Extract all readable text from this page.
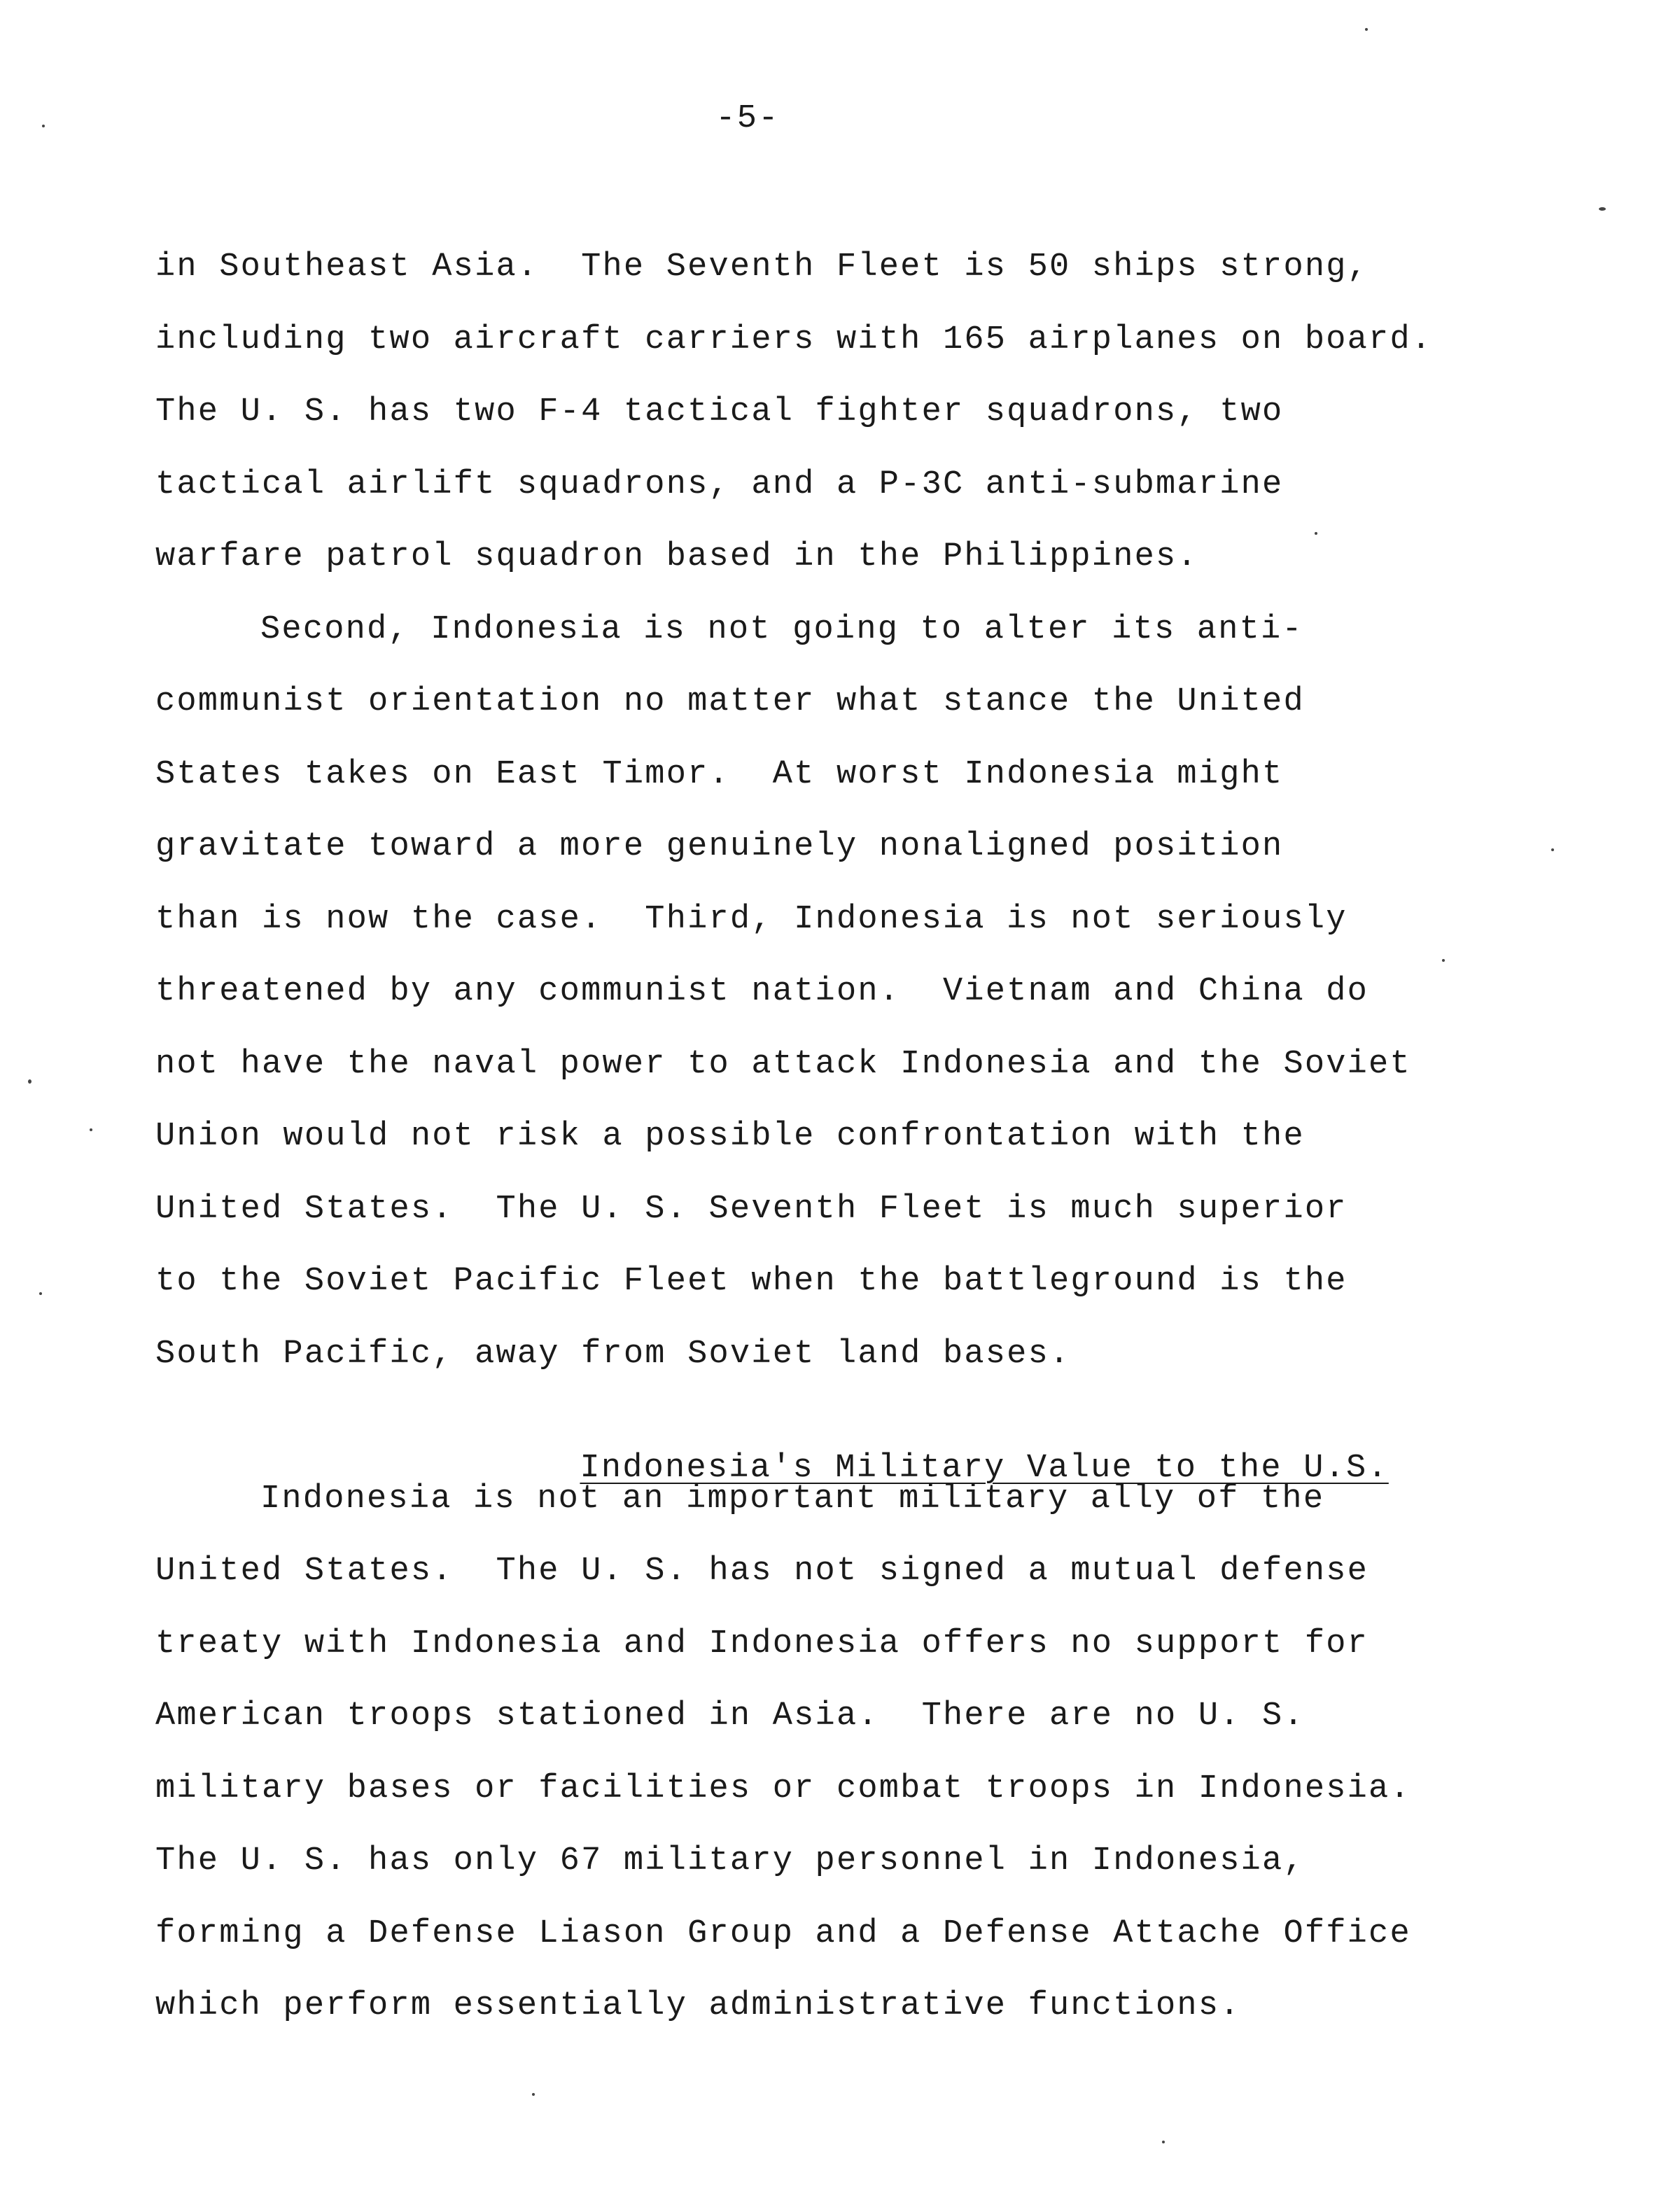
-5-
in Southeast Asia.  The Seventh Fleet is 50 ships strong,
including two aircraft carriers with 165 airplanes on board.
The U. S. has two F-4 tactical fighter squadrons, two
tactical airlift squadrons, and a P-3C anti-submarine
warfare patrol squadron based in the Philippines.
Second, Indonesia is not going to alter its anti-
communist orientation no matter what stance the United
States takes on East Timor.  At worst Indonesia might
gravitate toward a more genuinely nonaligned position
than is now the case.  Third, Indonesia is not seriously
threatened by any communist nation.  Vietnam and China do
not have the naval power to attack Indonesia and the Soviet
Union would not risk a possible confrontation with the
United States.  The U. S. Seventh Fleet is much superior
to the Soviet Pacific Fleet when the battleground is the
South Pacific, away from Soviet land bases.

Indonesia's Military Value to the U.S.

Indonesia is not an important military ally of the
United States.  The U. S. has not signed a mutual defense
treaty with Indonesia and Indonesia offers no support for
American troops stationed in Asia.  There are no U. S.
military bases or facilities or combat troops in Indonesia.
The U. S. has only 67 military personnel in Indonesia,
forming a Defense Liason Group and a Defense Attache Office
which perform essentially administrative functions.
